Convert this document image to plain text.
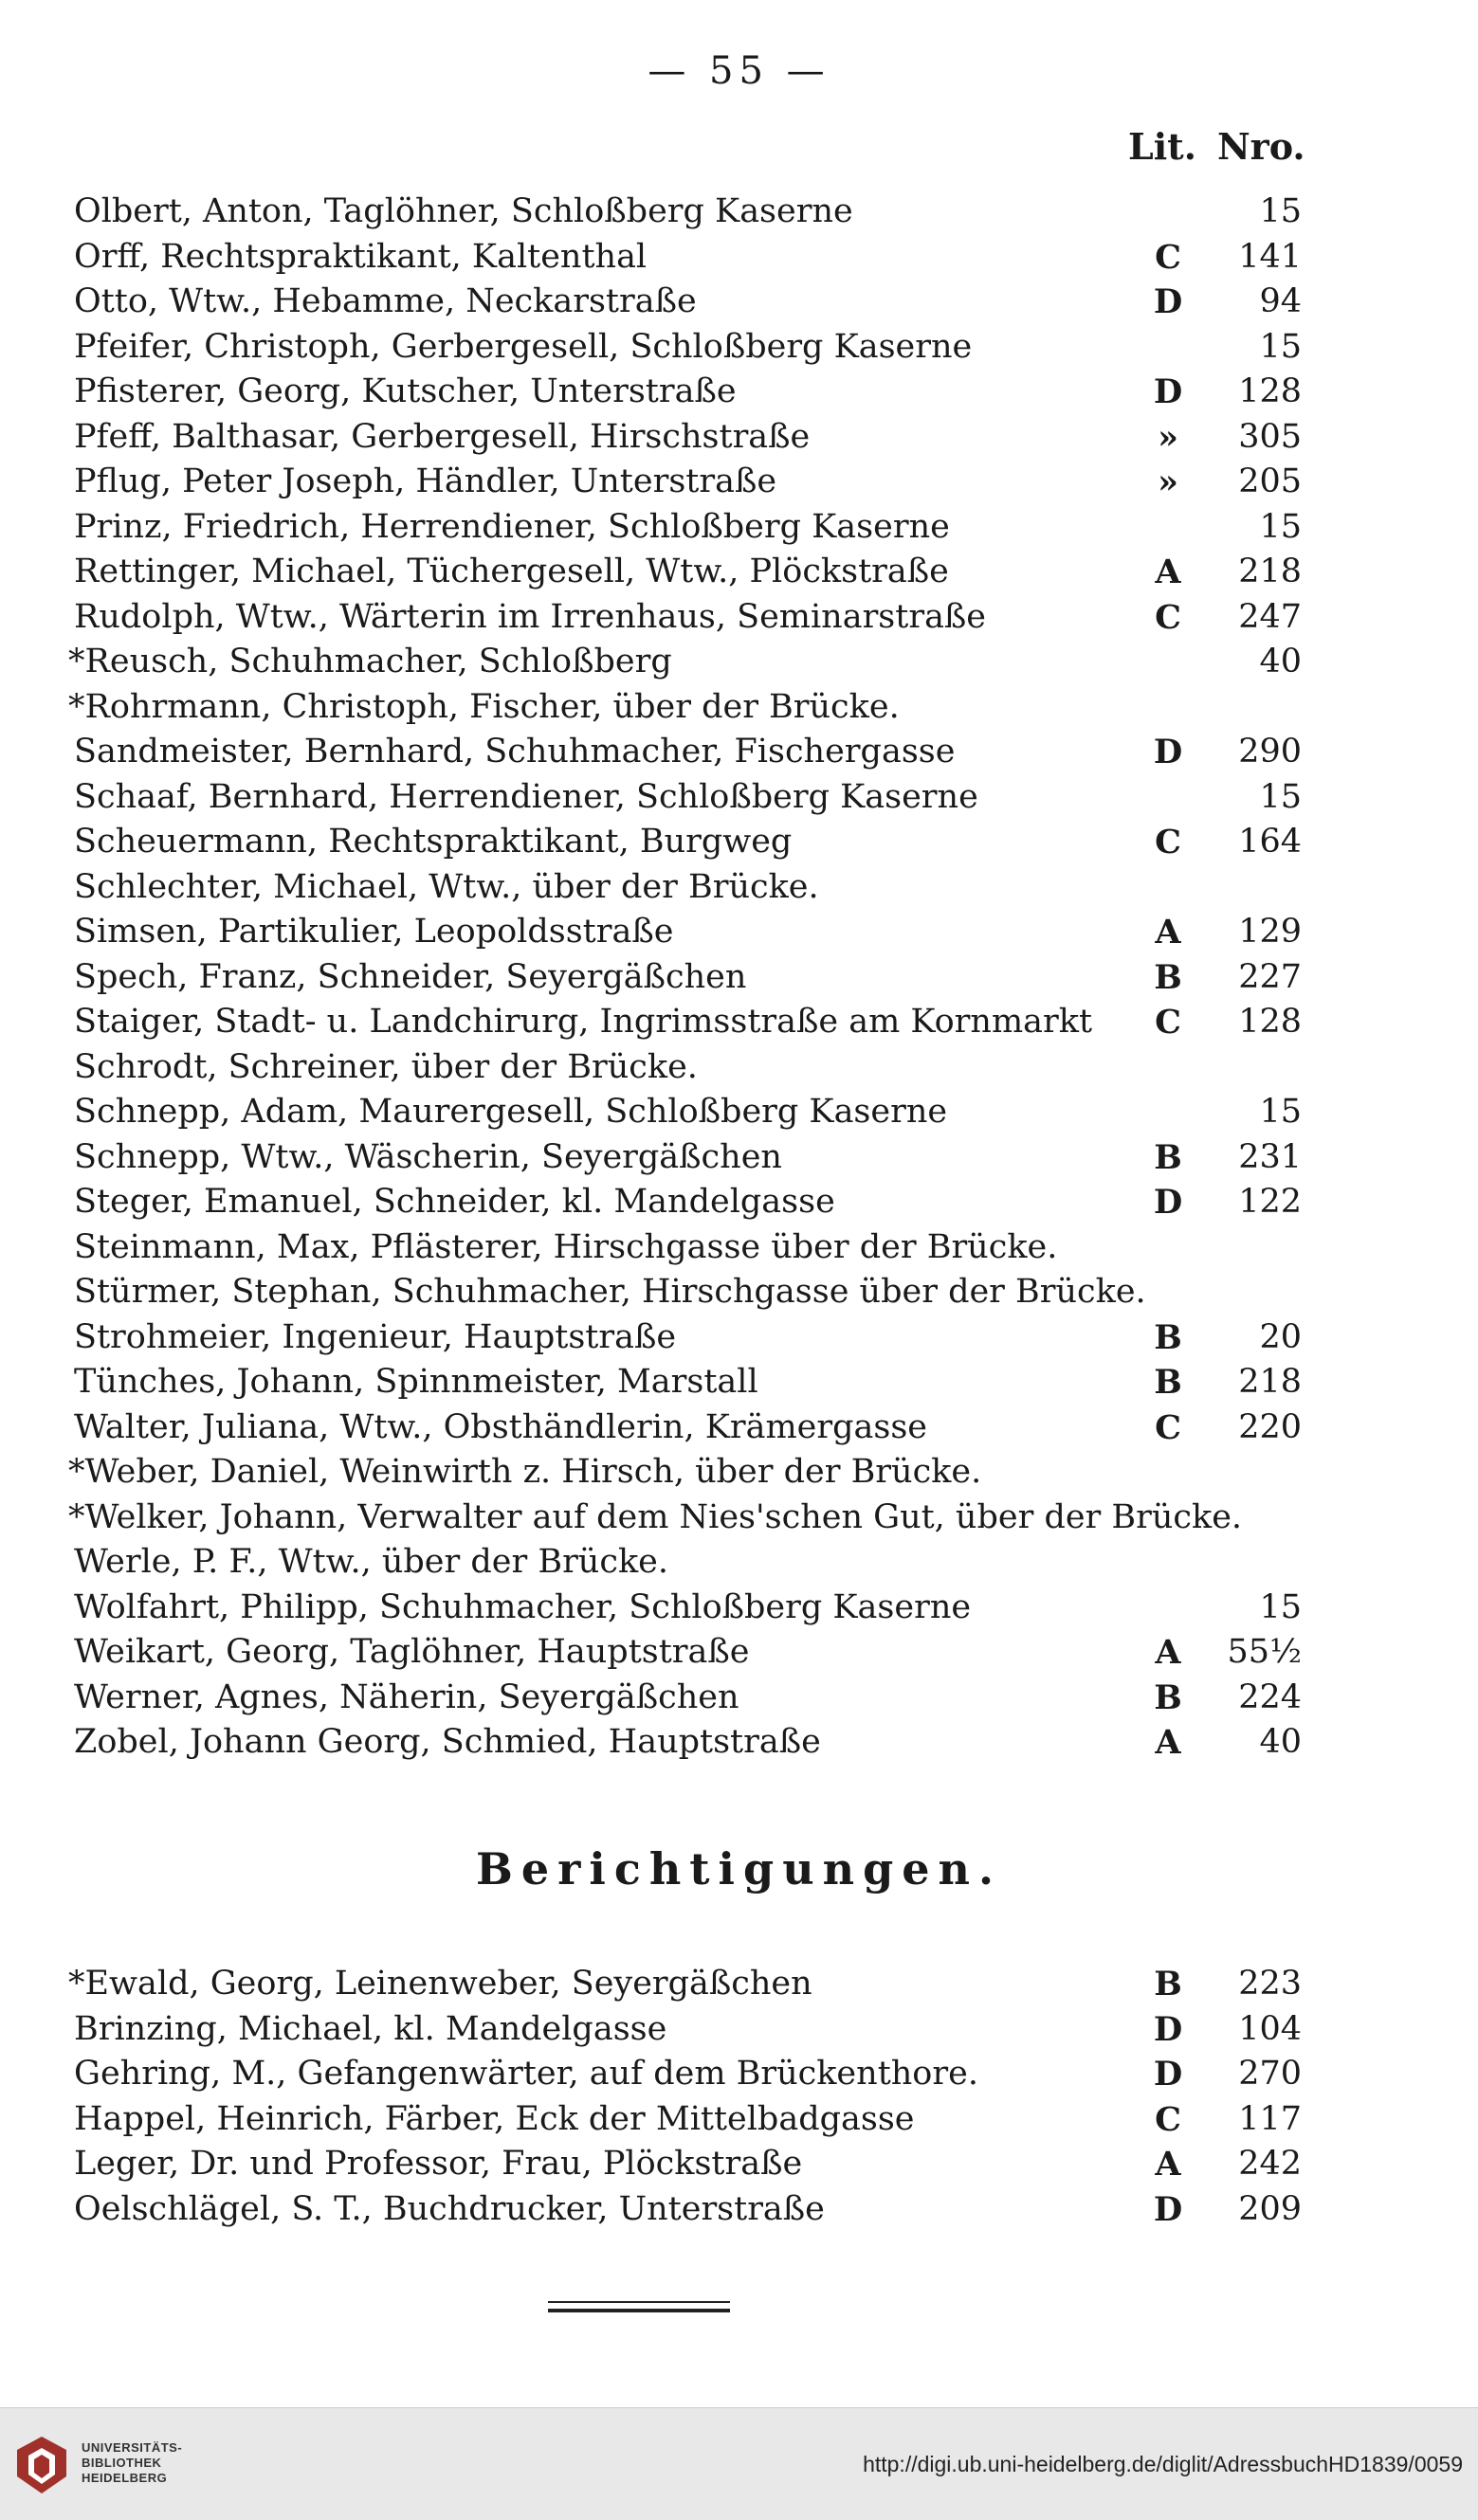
— 55 —
Lit. Nro.
Olbert, Anton, Taglöhner, Schloßberg Kaserne	15
Orff, Rechtspraktikant, Kaltenthal	C 141
Otto, Wtw., Hebamme, Neckarstraße	D 94
Pfeifer, Christoph, Gerbergesell, Schloßberg Kaserne	15
Pfisterer, Georg, Kutscher, Unterstraße	D 128
Pfeff, Balthasar, Gerbergesell, Hirschstraße	»	305
Pflug, Peter Joseph, Händler, Unterstraße	»	205
Prinz, Friedrich, Herrendiener, Schloßberg Kaserne	15
Rettinger, Michael, Tüchergesell, Wtw., Plöckstraße	A 218
Rudolph, Wtw., Wärterin im Irrenhaus, Seminarstraße	C 247
*Reusch, Schuhmacher, Schloßberg	40
*Rohrmann, Christoph, Fischer, über der Brücke.
Sandmeister, Bernhard, Schuhmacher, Fischergasse	D 290
Schaaf, Bernhard, Herrendiener, Schloßberg Kaserne	15
Scheuermann, Rechtspraktikant, Burgweg	C 164
Schlechter, Michael, Wtw., über der Brücke.
Simsen, Partikulier, Leopoldsstraße	A 129
Spech, Franz, Schneider, Seyergäßchen	B 227
Staiger, Stadt- u. Landchirurg, Ingrimsstraße am Kornmarkt C 128
Schrodt, Schreiner, über der Brücke.
Schnepp, Adam, Maurergesell, Schloßberg Kaserne	15
Schnepp, Wtw., Wäscherin, Seyergäßchen	B 231
Steger, Emanuel, Schneider, kl. Mandelgasse	D 122
Steinmann, Max, Pflästerer, Hirschgasse über der Brücke.
Stürmer, Stephan, Schuhmacher, Hirschgasse über der Brücke.
Strohmeier, Ingenieur, Hauptstraße	B 20
Tünches, Johann, Spinnmeister, Marstall	B 218
Walter, Juliana, Wtw., Obsthändlerin, Krämergasse	C 220
*Weber, Daniel, Weinwirth z. Hirsch, über der Brücke.
*Welker, Johann, Verwalter auf dem Nies'schen Gut, über der Brücke.
Werle, P. F., Wtw., über der Brücke.
Wolfahrt, Philipp, Schuhmacher, Schloßberg Kaserne	15
Weikart, Georg, Taglöhner, Hauptstraße	A 55½
Werner, Agnes, Näherin, Seyergäßchen	B 224
Zobel, Johann Georg, Schmied, Hauptstraße	A 40
Berichtigungen.
*Ewald, Georg, Leinenweber, Seyergäßchen	B 223
Brinzing, Michael, kl. Mandelgasse	D 104
Gehring, M., Gefangenwärter, auf dem Brückenthore.	D 270
Happel, Heinrich, Färber, Eck der Mittelbadgasse	C 117
Leger, Dr. und Professor, Frau, Plöckstraße	A 242
Oelschlägel, S. T., Buchdrucker, Unterstraße	D 209
UNIVERSITÄTS-
BIBLIOTHEK
HEIDELBERG
http://digi.ub.uni-heidelberg.de/diglit/AdressbuchHD1839/0059
